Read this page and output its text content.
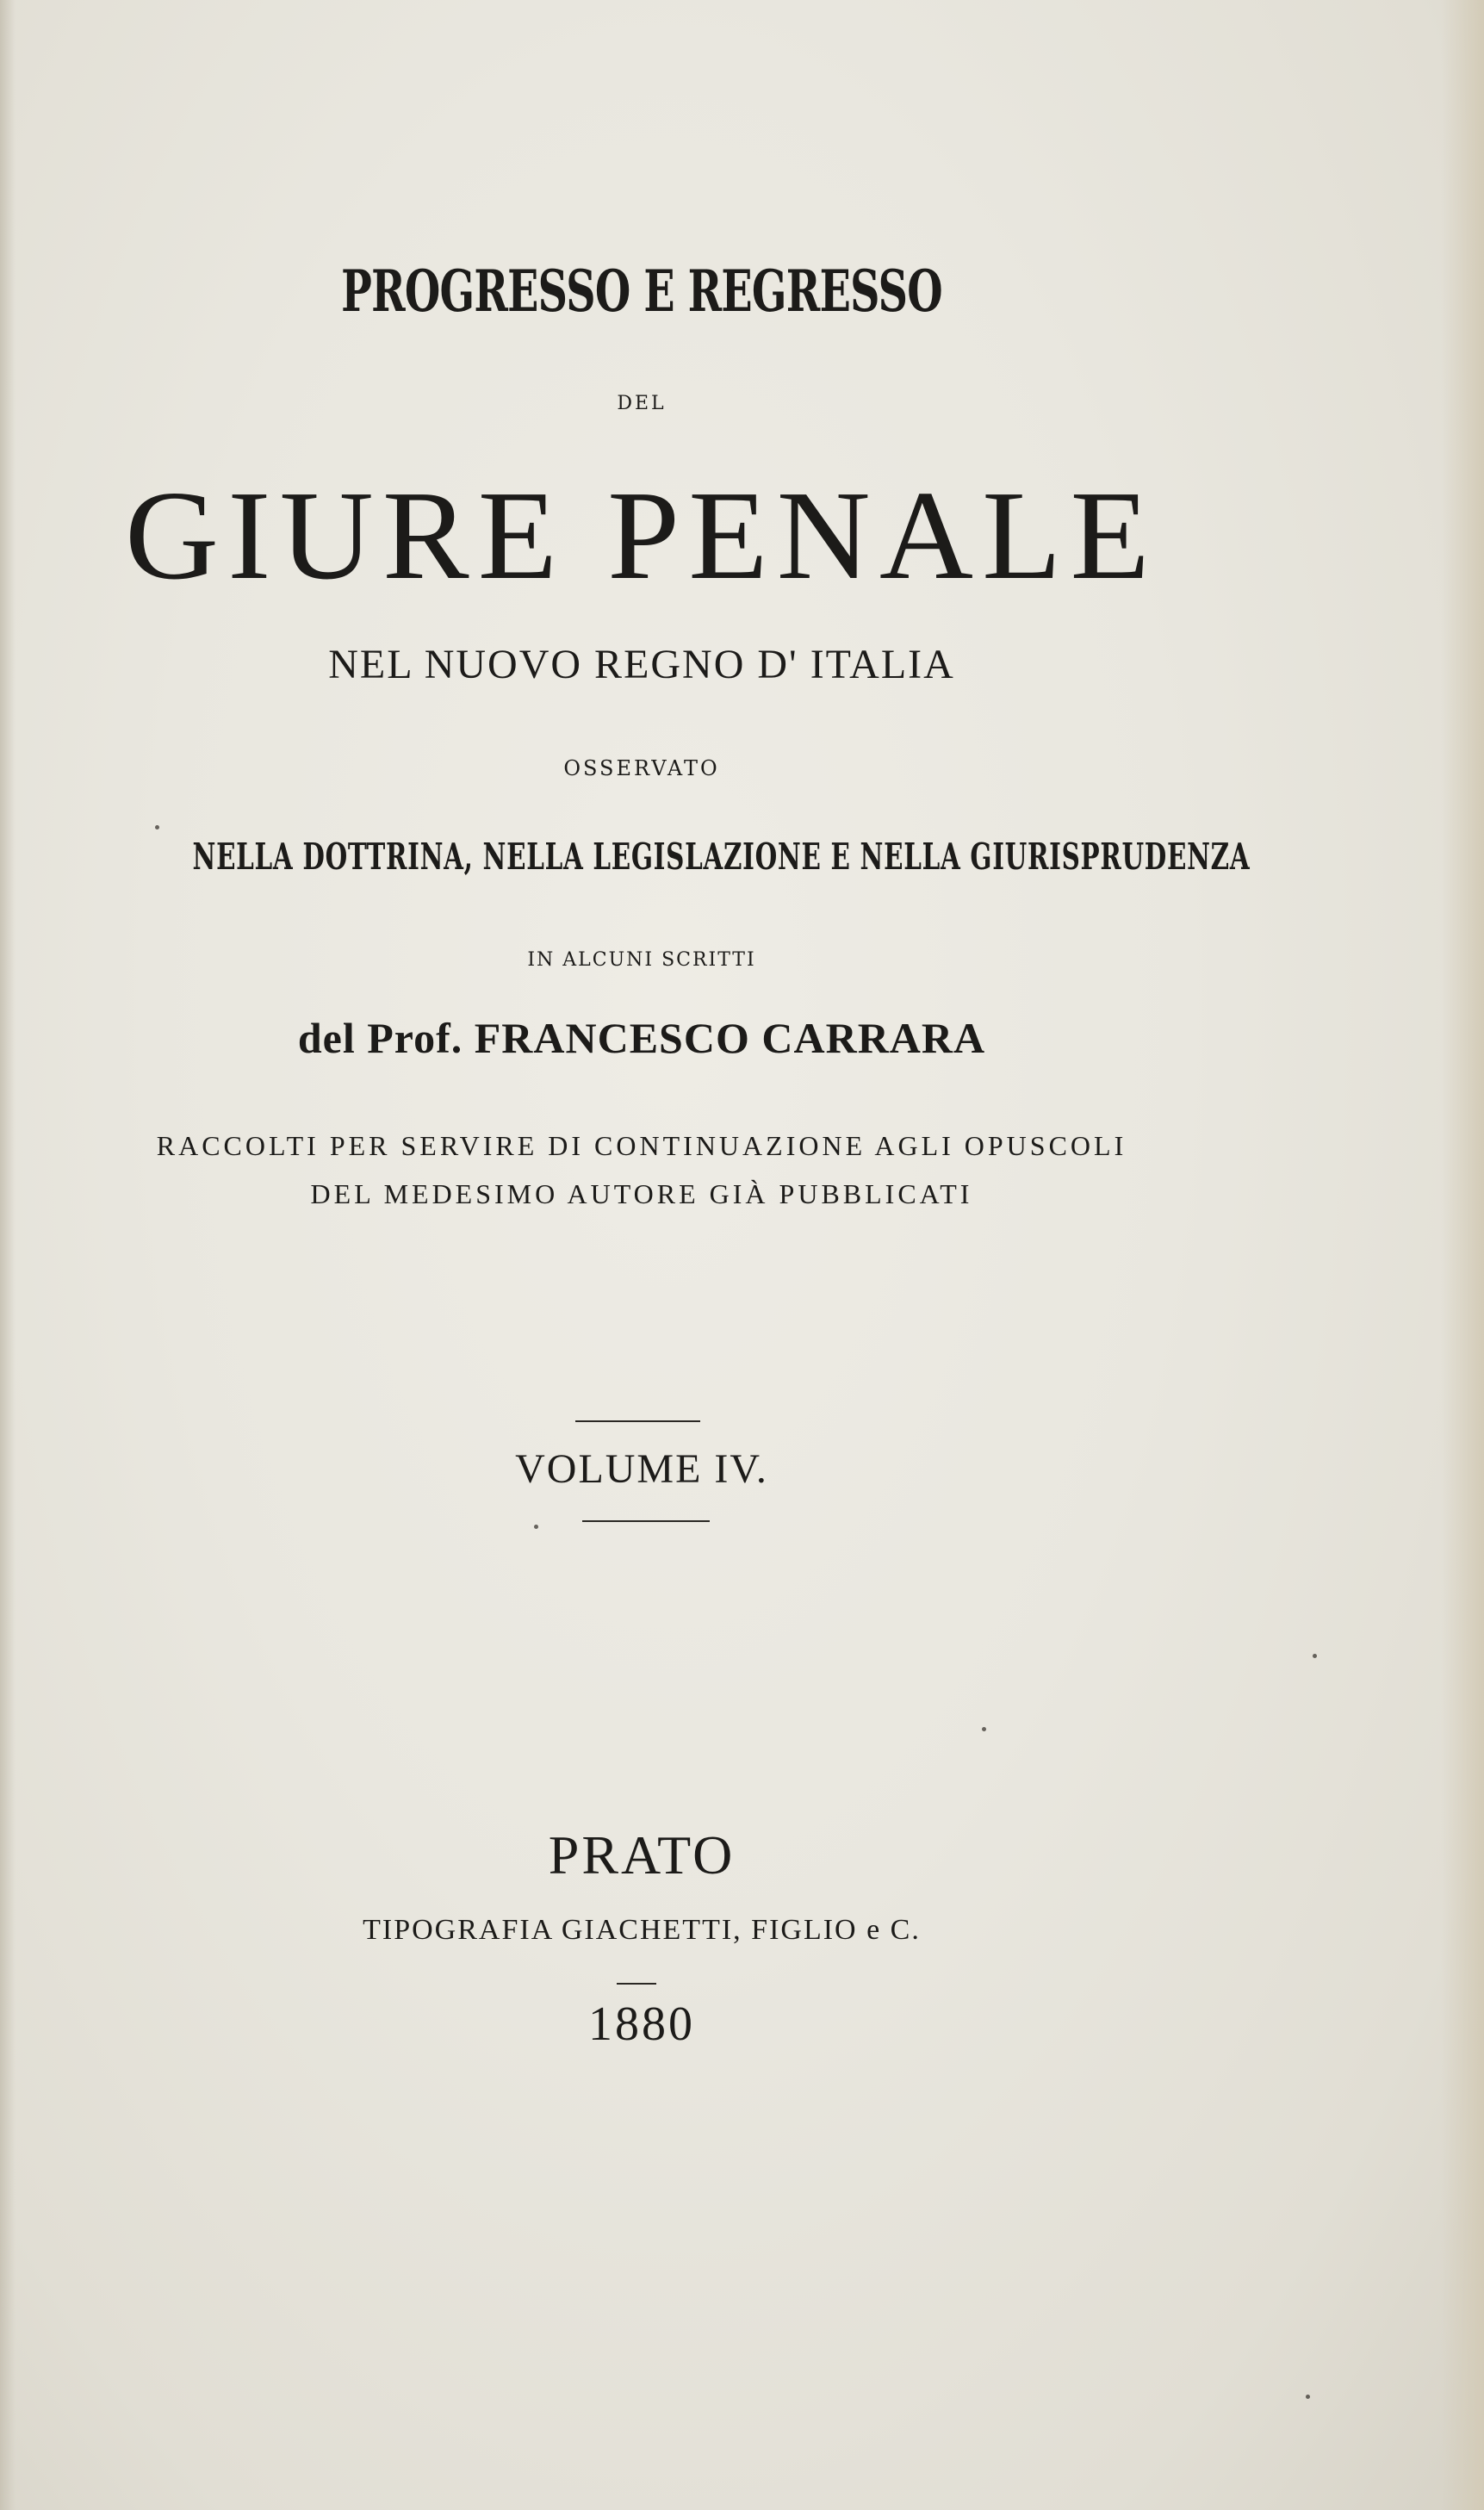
PROGRESSO E REGRESSO
DEL
GIURE PENALE
NEL NUOVO REGNO D' ITALIA
OSSERVATO
NELLA DOTTRINA, NELLA LEGISLAZIONE E NELLA GIURISPRUDENZA
IN ALCUNI SCRITTI
del Prof. FRANCESCO CARRARA
RACCOLTI PER SERVIRE DI CONTINUAZIONE AGLI OPUSCOLI
DEL MEDESIMO AUTORE GIÀ PUBBLICATI
VOLUME IV.
PRATO
TIPOGRAFIA GIACHETTI, FIGLIO e C.
1880
